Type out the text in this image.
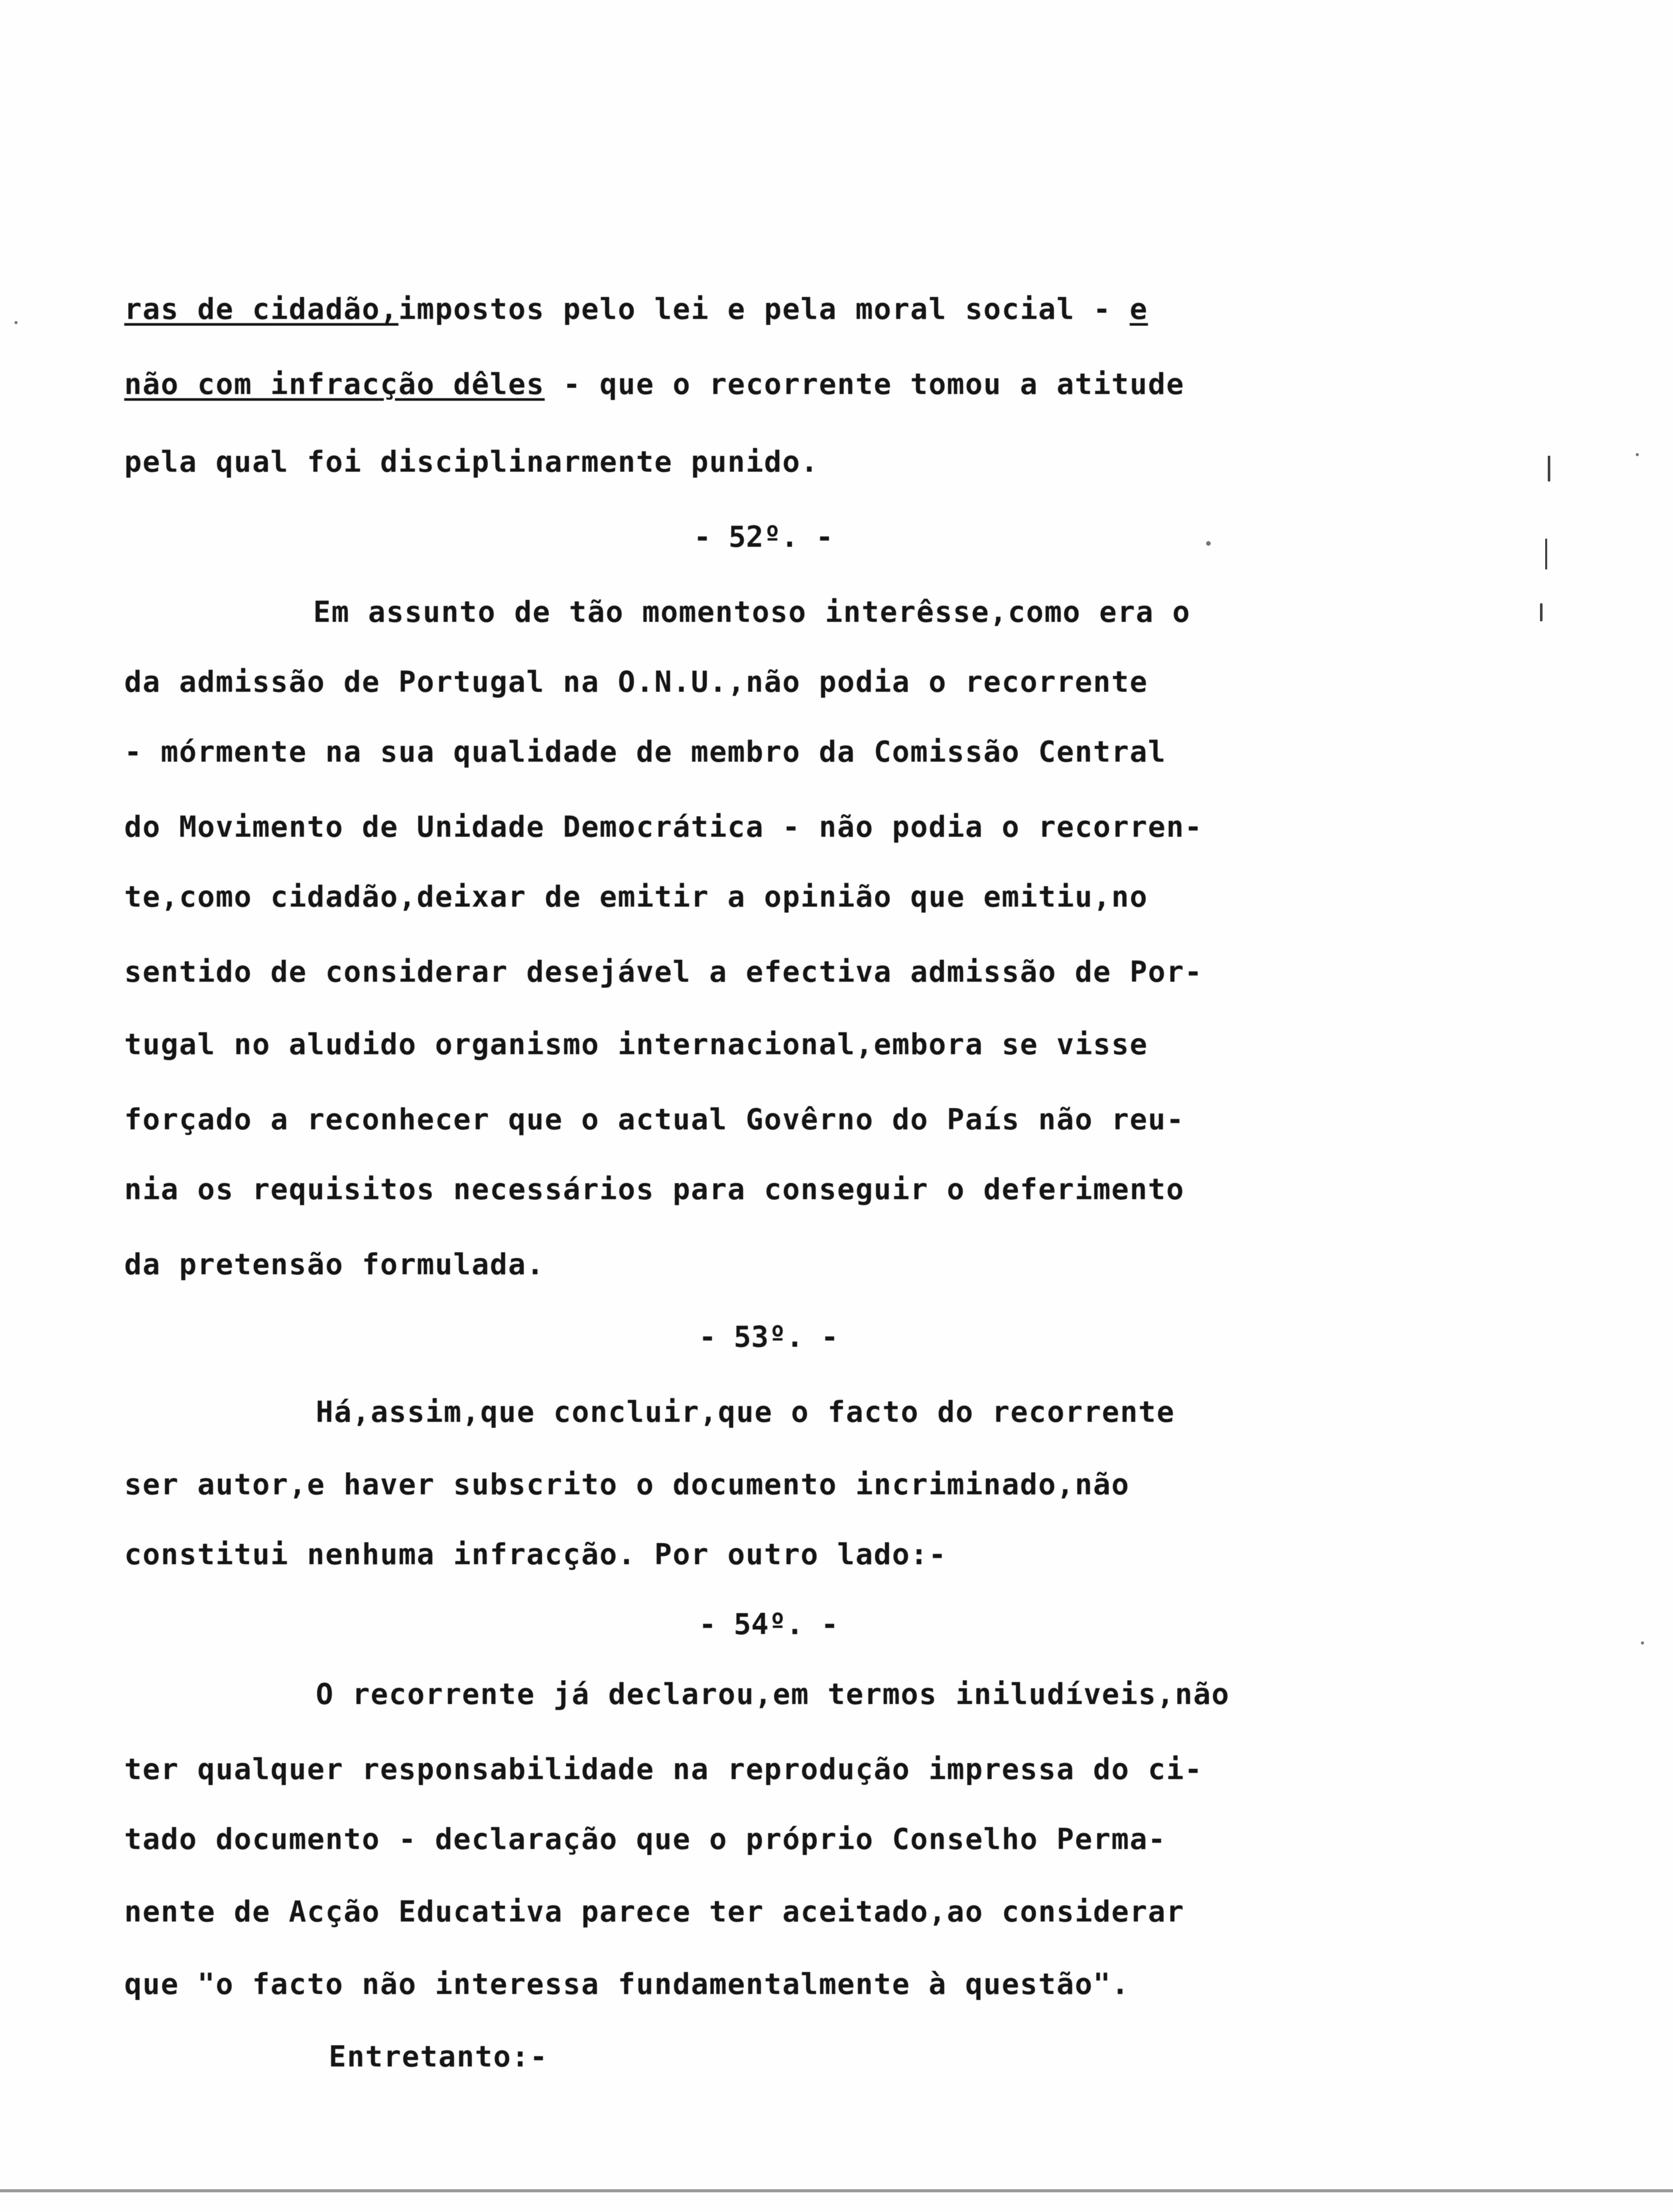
ras de cidadão,impostos pelo lei e pela moral social - e
não com infracção dêles - que o recorrente tomou a atitude
pela qual foi disciplinarmente punido.
- 52º. -
Em assunto de tão momentoso interêsse,como era o
da admissão de Portugal na O.N.U.,não podia o recorrente
- mórmente na sua qualidade de membro da Comissão Central
do Movimento de Unidade Democrática - não podia o recorren-
te,como cidadão,deixar de emitir a opinião que emitiu,no
sentido de considerar desejável a efectiva admissão de Por-
tugal no aludido organismo internacional,embora se visse
forçado a reconhecer que o actual Govêrno do País não reu-
nia os requisitos necessários para conseguir o deferimento
da pretensão formulada.
- 53º. -
Há,assim,que concluir,que o facto do recorrente
ser autor,e haver subscrito o documento incriminado,não
constitui nenhuma infracção. Por outro lado:-
- 54º. -
O recorrente já declarou,em termos iniludíveis,não
ter qualquer responsabilidade na reprodução impressa do ci-
tado documento - declaração que o próprio Conselho Perma-
nente de Acção Educativa parece ter aceitado,ao considerar
que "o facto não interessa fundamentalmente à questão".
Entretanto:-
